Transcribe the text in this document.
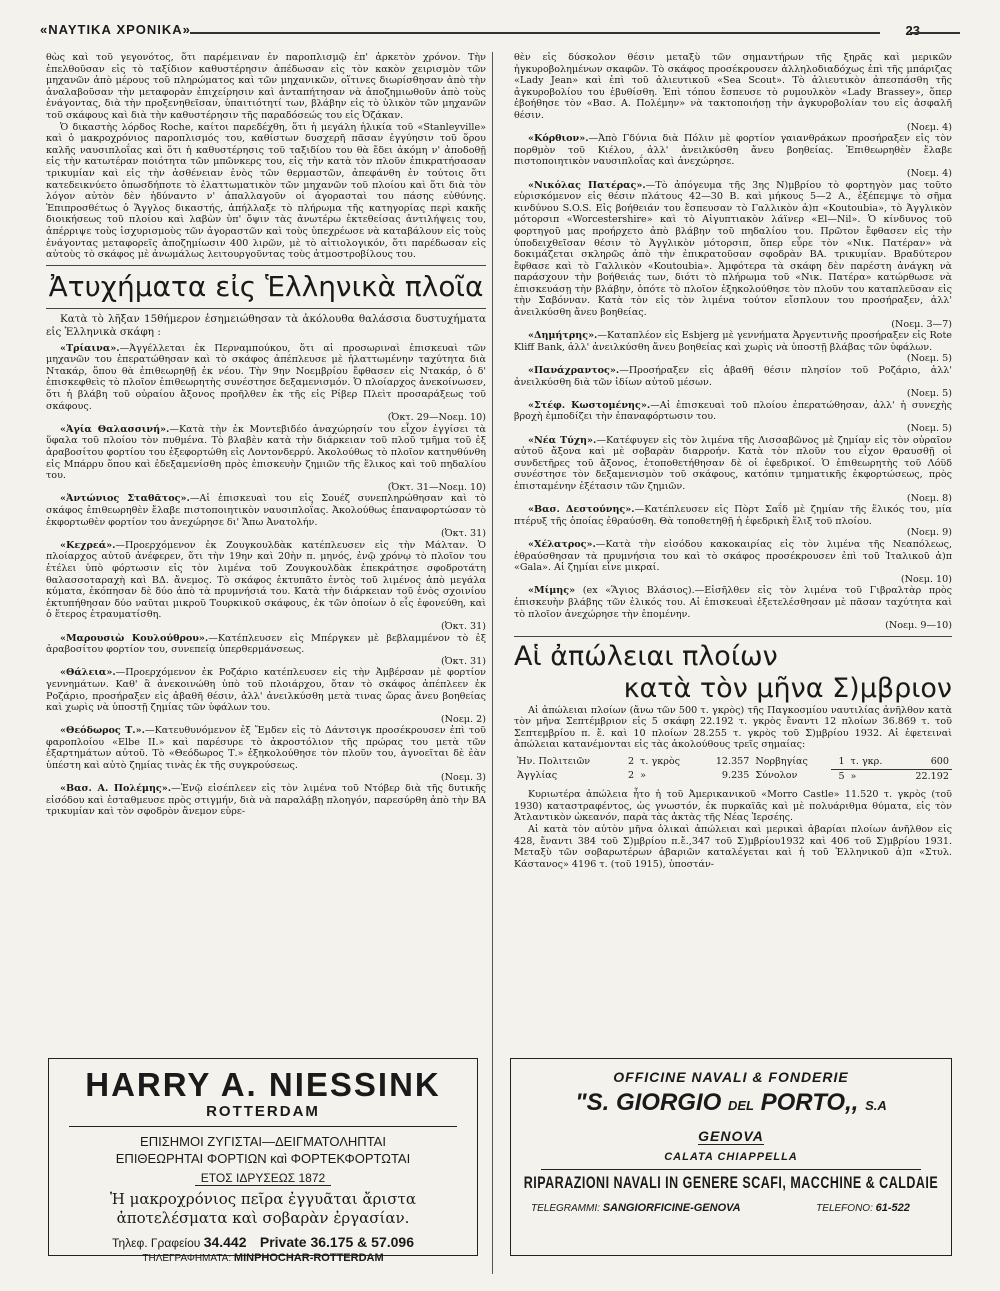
«ΝΑΥΤΙΚΑ ΧΡΟΝΙΚΑ»	23

θὼς καὶ τοῦ γεγονότος, ὅτι παρέμειναν ἐν παροπλισμῷ ἐπ' ἀρκετὸν χρόνον. Τὴν ἐπελθοῦσαν εἰς τὸ ταξίδιον καθυστέρησιν ἀπέδωσαν εἰς τὸν κακὸν χειρισμὸν τῶν μηχανῶν ἀπὸ μέρους τοῦ πληρώματος καὶ τῶν μηχανικῶν, οἵτινες διωρίσθησαν ἀπὸ τὴν ἀναλαβοῦσαν τὴν μεταφορὰν ἐπιχείρησιν καὶ ἀνταπήτησαν νὰ ἀποζημιωθοῦν ἀπὸ τοὺς ἐνάγοντας, διὰ τὴν προξενηθεῖσαν, ὑπαιτιότητί των, βλάβην εἰς τὸ ὑλικὸν τῶν μηχανῶν τοῦ σκάφους καὶ διὰ τὴν καθυστέρησιν τῆς παραδόσεώς του εἰς Ὀζάκαν.

Ὁ δικαστὴς λόρδος Roche, καίτοι παρεδέχθη, ὅτι ἡ μεγάλη ἠλικία τοῦ «Stanleyville» καὶ ὁ μακροχρόνιος παροπλισμός του, καθίστων δυσχερῆ πᾶσαν ἐγγύησιν τοῦ ὅρου καλῆς ναυσιπλοΐας καὶ ὅτι ἡ καθυστέρησις τοῦ ταξιδίου του θὰ ἔδει ἀκόμη ν' ἀποδοθῇ εἰς τὴν κατωτέραν ποιότητα τῶν μπῶνκερς του, εἰς τὴν κατὰ τὸν πλοῦν ἐπικρατήσασαν τρικυμίαν καὶ εἰς τὴν ἀσθένειαν ἑνὸς τῶν θερμαστῶν, ἀπεφάνθη ἐν τούτοις ὅτι κατεδεικνύετο ὁπωσδήποτε τὸ ἐλαττωματικὸν τῶν μηχανῶν τοῦ πλοίου καὶ ὅτι διὰ τὸν λόγον αὐτὸν δὲν ἠδύναντο ν' ἀπαλλαγοῦν οἱ ἀγορασταὶ του πάσης εὐθύνης. Ἐπιπροσθέτως ὁ Ἄγγλος δικαστής, ἀπήλλαξε τὸ πλήρωμα τῆς κατηγορίας περὶ κακῆς διοικήσεως τοῦ πλοίου καὶ λαβὼν ὑπ' ὄψιν τὰς ἀνωτέρω ἐκτεθείσας ἀντιλήψεις του, ἀπέρριψε τοὺς ἰσχυρισμοὺς τῶν ἀγοραστῶν καὶ τοὺς ὑπεχρέωσε νὰ καταβάλουν εἰς τοὺς ἐνάγοντας μεταφορεῖς ἀποζημίωσιν 400 λιρῶν, μὲ τὸ αἰτιολογικόν, ὅτι παρέδωσαν εἰς αὐτοὺς τὸ σκάφος μὲ ἀνωμάλως λειτουργοῦντας τοὺς ἀτμοστροβίλους του.

Ἀτυχήματα εἰς Ἑλληνικὰ πλοῖα

Κατὰ τὸ λῆξαν 15θήμερον ἐσημειώθησαν τὰ ἀκόλουθα θαλάσσια δυστυχήματα εἰς Ἑλληνικὰ σκάφη :

«Τρίαινα».—Ἀγγέλλεται ἐκ Περναμπούκου, ὅτι αἱ προσωριναὶ ἐπισκευαὶ τῶν μηχανῶν του ἐπερατώθησαν καὶ τὸ σκάφος ἀπέπλευσε μὲ ἠλαττωμένην ταχύτητα διὰ Ντακάρ, ὅπου θὰ ἐπιθεωρηθῇ ἐκ νέου. Τὴν 9ην Νοεμβρίου ἔφθασεν εἰς Ντακάρ, ὁ δ' ἐπισκεφθεὶς τὸ πλοῖον ἐπιθεωρητὴς συνέστησε δεξαμενισμόν. Ὁ πλοίαρχος ἀνεκοίνωσεν, ὅτι ἡ βλάβη τοῦ οὐραίου ἄξονος προῆλθεν ἐκ τῆς εἰς Ρίβερ Πλεὶτ προσαράξεως τοῦ σκάφους.
(Ὀκτ. 29—Νοεμ. 10)

«Ἁγία Θαλασσινή».—Κατὰ τὴν ἐκ Μοντεβιδέο ἀναχώρησίν του εἶχον ἐγγίσει τὰ ὕφαλα τοῦ πλοίου τὸν πυθμένα. Τὸ βλαβὲν κατὰ τὴν διάρκειαν τοῦ πλοῦ τμῆμα τοῦ ἐξ ἀραβοσίτου φορτίου του ἐξεφορτώθη εἰς Λοντονδερρύ. Ἀκολούθως τὸ πλοῖον κατηυθύνθη εἰς Μπάρρυ ὅπου καὶ ἐδεξαμενίσθη πρὸς ἐπισκευὴν ζημιῶν τῆς ἕλικος καὶ τοῦ πηδαλίου του.
(Ὀκτ. 31—Νοεμ. 10)

«Ἀντώνιος Σταθᾶτος».—Αἱ ἐπισκευαὶ του εἰς Σουέζ συνεπληρώθησαν καὶ τὸ σκάφος ἐπιθεωρηθὲν ἔλαβε πιστοποιητικὸν ναυσιπλοΐας. Ἀκολούθως ἐπαναφορτώσαν τὸ ἐκφορτωθὲν φορτίον του ἀνεχώρησε δι' Ἄπω Ἀνατολήν.
(Ὀκτ. 31)

«Κεχρεά».—Προερχόμενον ἐκ Ζουγκουλδὰκ κατέπλευσεν εἰς τὴν Μάλταν. Ὁ πλοίαρχος αὐτοῦ ἀνέφερεν, ὅτι τὴν 19ην καὶ 20ὴν π. μηνός, ἐνῷ χρόνῳ τὸ πλοῖον του ἐτέλει ὑπὸ φόρτωσιν εἰς τὸν λιμένα τοῦ Ζουγκουλδὰκ ἐπεκράτησε σφοδροτάτη θαλασσοταραχὴ καὶ ΒΔ. ἄνεμος. Τὸ σκάφος ἐκτυπᾶτο ἐντὸς τοῦ λιμένος ἀπὸ μεγάλα κύματα, ἐκόπησαν δὲ δύο ἀπὸ τὰ πρυμνήσιά του. Κατὰ τὴν διάρκειαν τοῦ ἑνὸς σχοινίου ἐκτυπήθησαν δύο ναῦται μικροῦ Τουρκικοῦ σκάφους, ἐκ τῶν ὁποίων ὁ εἷς ἐφονεύθη, καὶ ὁ ἕτερος ἐτραυματίσθη.
(Ὀκτ. 31)

«Μαρουσιὼ Κουλούθρου».—Κατέπλευσεν εἰς Μπέργκεν μὲ βεβλαμμένον τὸ ἐξ ἀραβοσίτου φορτίον του, συνεπείᾳ ὑπερθερμάνσεως.
(Ὀκτ. 31)

«Θάλεια».—Προερχόμενον ἐκ Ροζάριο κατέπλευσεν εἰς τὴν Ἀμβέρσαν μὲ φορτίον γεννημάτων. Καθ' ἃ ἀνεκοινώθη ὑπὸ τοῦ πλοιάρχου, ὅταν τὸ σκάφος ἀπέπλεεν ἐκ Ροζάριο, προσήραξεν εἰς ἀβαθῆ θέσιν, ἀλλ' ἀνειλκύσθη μετὰ τινας ὥρας ἄνευ βοηθείας καὶ χωρὶς νὰ ὑποστῇ ζημίας τῶν ὑφάλων του.
(Νοεμ. 2)

«Θεόδωρος Τ.».—Κατευθυνόμενον ἐξ Ἔμδεν εἰς τὸ Δάντσιγκ προσέκρουσεν ἐπὶ τοῦ φαροπλοίου «Elbe II.» καὶ παρέσυρε τὸ ἀκροστόλιον τῆς πρώρας του μετὰ τῶν ἐξαρτημάτων αὐτοῦ. Τὸ «Θεόδωρος Τ.» ἐξηκολούθησε τὸν πλοῦν του, ἀγνοεῖται δὲ ἐὰν ὑπέστη καὶ αὐτὸ ζημίας τινὰς ἐκ τῆς συγκρούσεως.
(Νοεμ. 3)

«Βασ. Α. Πολέμης».—Ἐνῷ εἰσέπλεεν εἰς τὸν λιμένα τοῦ Ντόβερ διὰ τῆς δυτικῆς εἰσόδου καὶ ἐσταθμευσε πρὸς στιγμήν, διὰ νὰ παραλάβῃ πλοηγόν, παρεσύρθη ἀπὸ τὴν ΒΑ τρικυμίαν καὶ τὸν σφοδρὸν ἄνεμον εὑρε-

θὲν εἰς δύσκολον θέσιν μεταξὺ τῶν σημαντήρων τῆς ξηρᾶς καὶ μερικῶν ἠγκυροβολημένων σκαφῶν. Τὸ σκάφος προσέκρουσεν ἀλληλοδιαδόχως ἐπὶ τῆς μπάριζας «Lady Jean» καὶ ἐπὶ τοῦ ἁλιευτικοῦ «Sea Scout». Τὸ ἁλιευτικὸν ἀπεσπάσθη τῆς ἀγκυροβολίου του ἐβυθίσθη. Ἐπὶ τόπου ἔσπευσε τὸ ρυμουλκὸν «Lady Brassey», ὅπερ ἐβοήθησε τὸν «Βασ. Α. Πολέμην» νὰ τακτοποιήσῃ τὴν ἀγκυροβολίαν του εἰς ἀσφαλῆ θέσιν.
(Νοεμ. 4)

«Κόρθιον».—Ἀπὸ Γδύνια διὰ Πόλιν μὲ φορτίον γαιανθράκων προσήραξεν εἰς τὸν πορθμὸν τοῦ Κιέλου, ἀλλ' ἀνειλκύσθη ἄνευ βοηθείας. Ἐπιθεωρηθὲν ἔλαβε πιστοποιητικὸν ναυσιπλοΐας καὶ ἀνεχώρησε.
(Νοεμ. 4)

«Νικόλας Πατέρας».—Τὸ ἀπόγευμα τῆς 3ης Ν)μβρίου τὸ φορτηγὸν μας τοῦτο εὑρισκόμενον εἰς θέσιν πλάτους 42—30 Β. καὶ μήκους 5—2 Α., ἐξέπεμψε τὸ σῆμα κινδύνου S.O.S. Εἰς βοήθειάν του ἔσπευσαν τὸ Γαλλικὸν ἀ)π «Koutoubia», τὸ Ἀγγλικὸν μότορσιπ «Worcestershire» καὶ τὸ Αἰγυπτιακὸν λάϊνερ «El—Nil». Ὁ κίνδυνος τοῦ φορτηγοῦ μας προήρχετο ἀπὸ βλάβην τοῦ πηδαλίου του. Πρῶτον ἔφθασεν εἰς τὴν ὑποδειχθεῖσαν θέσιν τὸ Ἀγγλικὸν μότορσιπ, ὅπερ εὗρε τὸν «Νικ. Πατέραν» νὰ δοκιμάζεται σκληρῶς ἀπὸ τὴν ἐπικρατοῦσαν σφοδρὰν ΒΑ. τρικυμίαν. Βραδύτερον ἔφθασε καὶ τὸ Γαλλικὸν «Koutoubia». Ἀμφότερα τὰ σκάφη δὲν παρέστη ἀνάγκη νὰ παράσχουν τὴν βοήθειάς των, διότι τὸ πλήρωμα τοῦ «Νικ. Πατέρα» κατώρθωσε νὰ ἐπισκευάσῃ τὴν βλάβην, ὁπότε τὸ πλοῖον ἐξηκολούθησε τὸν πλοῦν του καταπλεῦσαν εἰς τὴν Σαβόνναν. Κατὰ τὸν εἰς τὸν λιμένα τούτον εἴσπλουν του προσήραξεν, ἀλλ' ἀνειλκύσθη ἄνευ βοηθείας.
(Νοεμ. 3—7)

«Δημήτρης».—Καταπλέον εἰς Esbjerg μὲ γεννήματα Ἀργεντινῆς προσήραξεν εἰς Rote Kliff Bank, ἀλλ' ἀνειλκύσθη ἄνευ βοηθείας καὶ χωρὶς νὰ ὑποστῇ βλάβας τῶν ὑφάλων.
(Νοεμ. 5)

«Πανάχραντος».—Προσήραξεν εἰς ἀβαθῆ θέσιν πλησίον τοῦ Ροζάριο, ἀλλ' ἀνειλκύσθη διὰ τῶν ἰδίων αὐτοῦ μέσων.
(Νοεμ. 5)

«Στέφ. Κωστομένης».—Αἱ ἐπισκευαὶ τοῦ πλοίου ἐπερατώθησαν, ἀλλ' ἡ συνεχὴς βροχὴ ἐμποδίζει τὴν ἐπαναφόρτωσιν του.
(Νοεμ. 5)

«Νέα Τύχη».—Κατέφυγεν εἰς τὸν λιμένα τῆς Λισσαβῶνος μὲ ζημίαν εἰς τὸν οὐραῖον αὐτοῦ ἄξονα καὶ μὲ σοβαρὰν διαρροήν. Κατὰ τὸν πλοῦν του εἶχον θραυσθῇ οἱ συνδετῆρες τοῦ ἄξονος, ἐτοποθετήθησαν δὲ οἱ ἐφεδρικοί. Ὁ ἐπιθεωρητὴς τοῦ Λόϋδ συνέστησε τὸν δεξαμενισμὸν τοῦ σκάφους, κατόπιν τμηματικῆς ἐκφορτώσεως, πρὸς ἐπισταμένην ἐξέτασιν τῶν ζημιῶν.
(Νοεμ. 8)

«Βασ. Δεστούνης».—Κατέπλευσεν εἰς Πὸρτ Σαΐδ μὲ ζημίαν τῆς ἕλικός του, μία πτέρυξ τῆς ὁποίας ἐθραύσθη. Θὰ τοποθετηθῇ ἡ ἐφεδρικὴ ἕλιξ τοῦ πλοίου.
(Νοεμ. 9)

«Χέλατρος».—Κατὰ τὴν εἰσόδου κακοκαιρίας εἰς τὸν λιμένα τῆς Νεαπόλεως, ἐθραύσθησαν τὰ πρυμνήσια του καὶ τὸ σκάφος προσέκρουσεν ἐπὶ τοῦ Ἰταλικοῦ ἀ)π «Gala». Αἱ ζημίαι εἶνε μικραί.
(Νοεμ. 10)

«Μίμης» (ex «Ἅγιος Βλάσιος).—Εἰσῆλθεν εἰς τὸν λιμένα τοῦ Γιβραλτὰρ πρὸς ἐπισκευὴν βλάβης τῶν ἐλικός του. Αἱ ἐπισκευαὶ ἐξετελέσθησαν μὲ πᾶσαν ταχύτητα καὶ τὸ πλοῖον ἀνεχώρησε τὴν ἑπομένην.
(Νοεμ. 9—10)

Αἱ ἀπώλειαι πλοίων

κατὰ τὸν μῆνα Σ)μβριον

Αἱ ἀπώλειαι πλοίων (ἄνω τῶν 500 τ. γκρὸς) τῆς Παγκοσμίου ναυτιλίας ἀνῆλθον κατὰ τὸν μῆνα Σεπτέμβριον εἰς 5 σκάφη 22.192 τ. γκρὸς ἔναντι 12 πλοίων 36.869 τ. τοῦ Σεπτεμβρίου π. ἔ. καὶ 10 πλοίων 28.255 τ. γκρὸς τοῦ Σ)μβρίου 1932. Αἱ ἐφετειναὶ ἀπώλειαι κατανέμονται εἰς τὰς ἀκολούθους τρεῖς σημαίας:

Ἡν. Πολιτειῶν	2	τ. γκρὸς	12.357	Νορβηγίας	1	τ. γκρ.	600
Ἀγγλίας	2	»	9.235	Σύνολον	5	»	22.192

Κυριωτέρα ἀπώλεια ἦτο ἡ τοῦ Ἀμερικανικοῦ «Morro Castle» 11.520 τ. γκρὸς (τοῦ 1930) καταστραφέντος, ὡς γνωστόν, ἐκ πυρκαϊᾶς καὶ μὲ πολυάριθμα θύματα, εἰς τὸν Ἀτλαντικὸν ὠκεανόν, παρὰ τὰς ἀκτὰς τῆς Νέας Ἰερσέης.

Αἱ κατὰ τὸν αὐτὸν μῆνα ὁλικαὶ ἀπώλειαι καὶ μερικαὶ ἀβαρίαι πλοίων ἀνῆλθον εἰς 428, ἔναντι 384 τοῦ Σ)μβρίου π.ἔ.,347 τοῦ Σ)μβρίου1932 καὶ 406 τοῦ Σ)μβρίου 1931. Μεταξὺ τῶν σοβαρωτέρων ἀβαριῶν καταλέγεται καὶ ἡ τοῦ Ἑλληνικοῦ ἀ)π «Στυλ. Κάστανος» 4196 τ. (τοῦ 1915), ὑποστάν-

HARRY A. NIESSINK
ROTTERDAM
ΕΠΙΣΗΜΟΙ ΖΥΓΙΣΤΑΙ—ΔΕΙΓΜΑΤΟΛΗΠΤΑΙ
ΕΠΙΘΕΩΡΗΤΑΙ ΦΟΡΤΙΩΝ καὶ ΦΟΡΤΕΚΦΟΡΤΩΤΑΙ
ΕΤΟΣ ΙΔΡΥΣΕΩΣ 1872
Ἡ μακροχρόνιος πεῖρα ἐγγυᾶται ἄριστα
ἀποτελέσματα καὶ σοβαρὰν ἐργασίαν.
Τηλεφ. Γραφείου 34.442 Private 36.175 & 57.096
ΤΗΛΕΓΡΑΦΗΜΑΤΑ: MINPHOCHAR-ROTTERDAM
OFFICINE NAVALI & FONDERIE
"S. GIORGIO DEL PORTO,, S.A
GENOVA
CALATA CHIAPPELLA
RIPARAZIONI NAVALI IN GENERE SCAFI, MACCHINE & CALDAIE
TELEGRAMMI: SANGIORFICINE-GENOVA	TELEFONO: 61-522
